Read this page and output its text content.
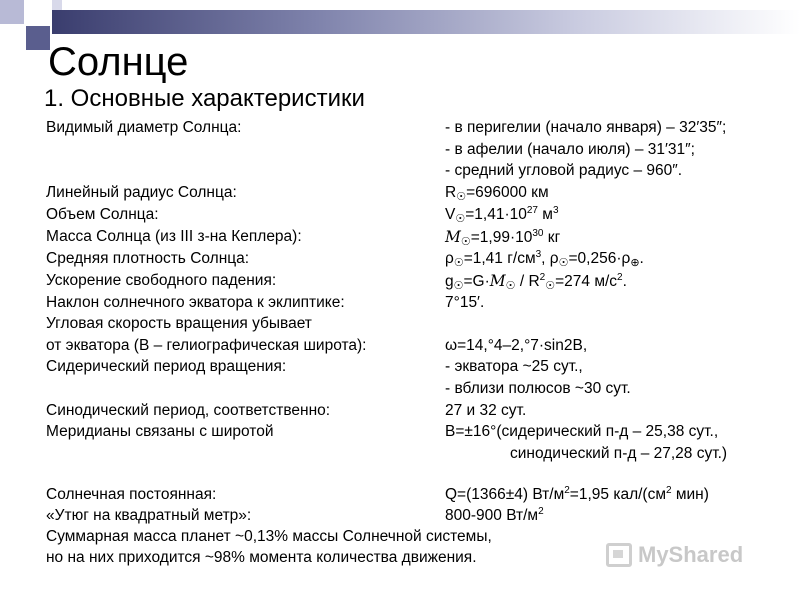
Солнце
1. Основные характеристики
Видимый диаметр Солнца:	- в перигелии (начало января) – 32′35″;
- в афелии (начало июля) – 31′31″;
- средний угловой радиус – 960″.
Линейный радиус Солнца:	$R_☉=696000$ км
Объем Солнца:	$V_☉=1,41\cdot 10^{27}$ $м^3$
Масса Солнца (из III з-на Кеплера):	$M_☉=1,99\cdot 10^{30}$ кг
Средняя плотность Солнца:	$\rho_☉=1,41$ $г/см^3$, $\rho_☉=0,256\cdot\rho_\oplus$.
Ускорение свободного падения:	$g_☉=G\cdot M_☉ / R^2_☉=274$ $м/с^2$.
Наклон солнечного экватора к эклиптике:	7°15′.
Угловая скорость вращения убывает
от экватора (B – гелиографическая широта):	ω=14,°4–2,°7·sin2B,
Сидерический период вращения:	- экватора ~25 сут.,
- вблизи полюсов ~30 сут.
Синодический период, соответственно:	27 и 32 сут.
Меридианы связаны с широтой	B=±16°(сидерический п-д – 25,38 сут.,
синодический п-д – 27,28 сут.)
Солнечная постоянная:	Q=(1366±4) $Вт/м^2=1,95$ кал/($см^2$ мин)
«Утюг на квадратный метр»:	800-900 $Вт/м^2$
Суммарная масса планет ~0,13% массы Солнечной системы,
но на них приходится ~98% момента количества движения.	MyShared
